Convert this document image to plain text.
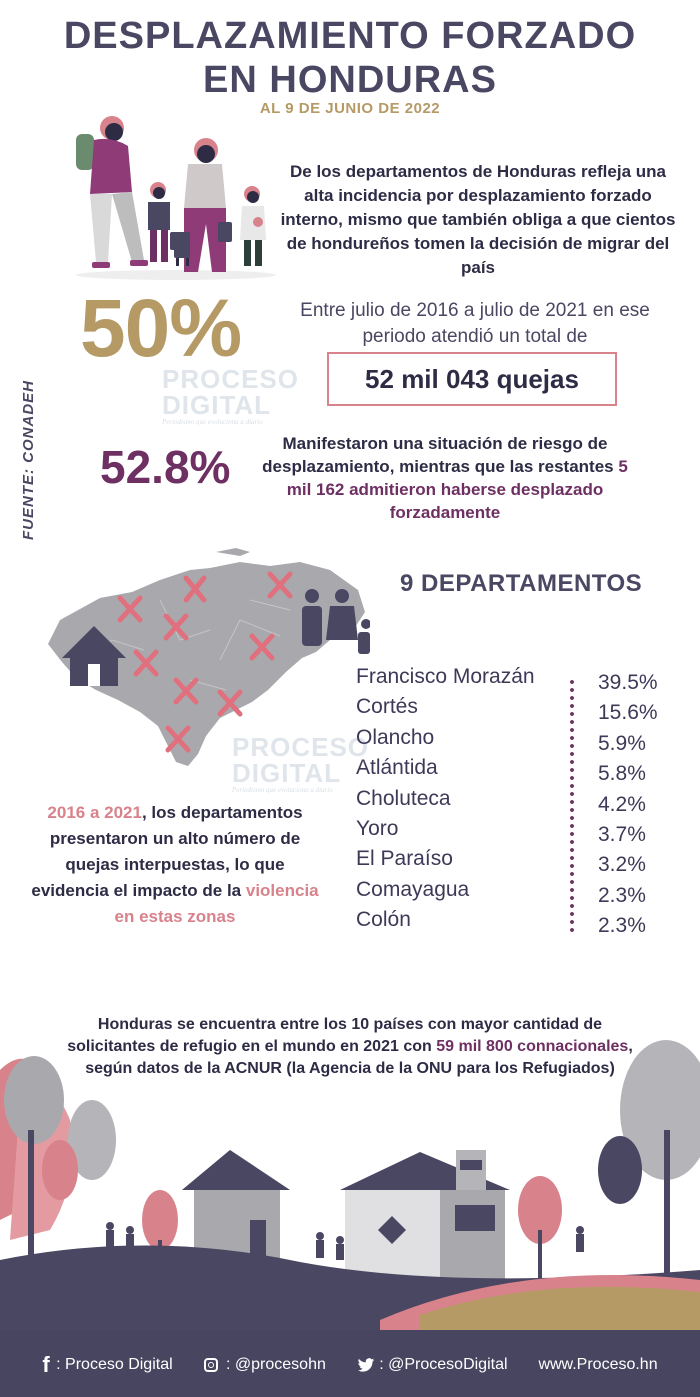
DESPLAZAMIENTO FORZADO
EN HONDURAS
AL 9 DE JUNIO DE 2022
De los departamentos de Honduras refleja una alta incidencia por desplazamiento forzado interno, mismo que también obliga a que cientos de hondureños tomen la decisión de migrar del país
50%	Entre julio de 2016 a julio de 2021 en ese periodo atendió un total de
52 mil 043 quejas
PROCESO
DIGITAL
Periodismo que evoluciona a diario
FUENTE: CONADEH 52.8%	Manifestaron una situación de riesgo de desplazamiento, mientras que las restantes 5 mil 162 admitieron haberse desplazado forzadamente
PROCESO
DIGITAL
Periodismo que evoluciona a diario
9 DEPARTAMENTOS
Francisco Morazán	39.5%
Cortés	15.6%
Olancho	5.9%
Atlántida	5.8%
Choluteca	4.2%
Yoro	3.7%
El Paraíso	3.2%
Comayagua	2.3%
Colón	2.3%
2016 a 2021, los departamentos presentaron un alto número de quejas interpuestas, lo que evidencia el impacto de la violencia en estas zonas
Honduras se encuentra entre los 10 países con mayor cantidad de solicitantes de refugio en el mundo en 2021 con 59 mil 800 connacionales, según datos de la ACNUR (la Agencia de la ONU para los Refugiados)
f : Proceso Digital	: @procesohn	: @ProcesoDigital www.Proceso.hn
